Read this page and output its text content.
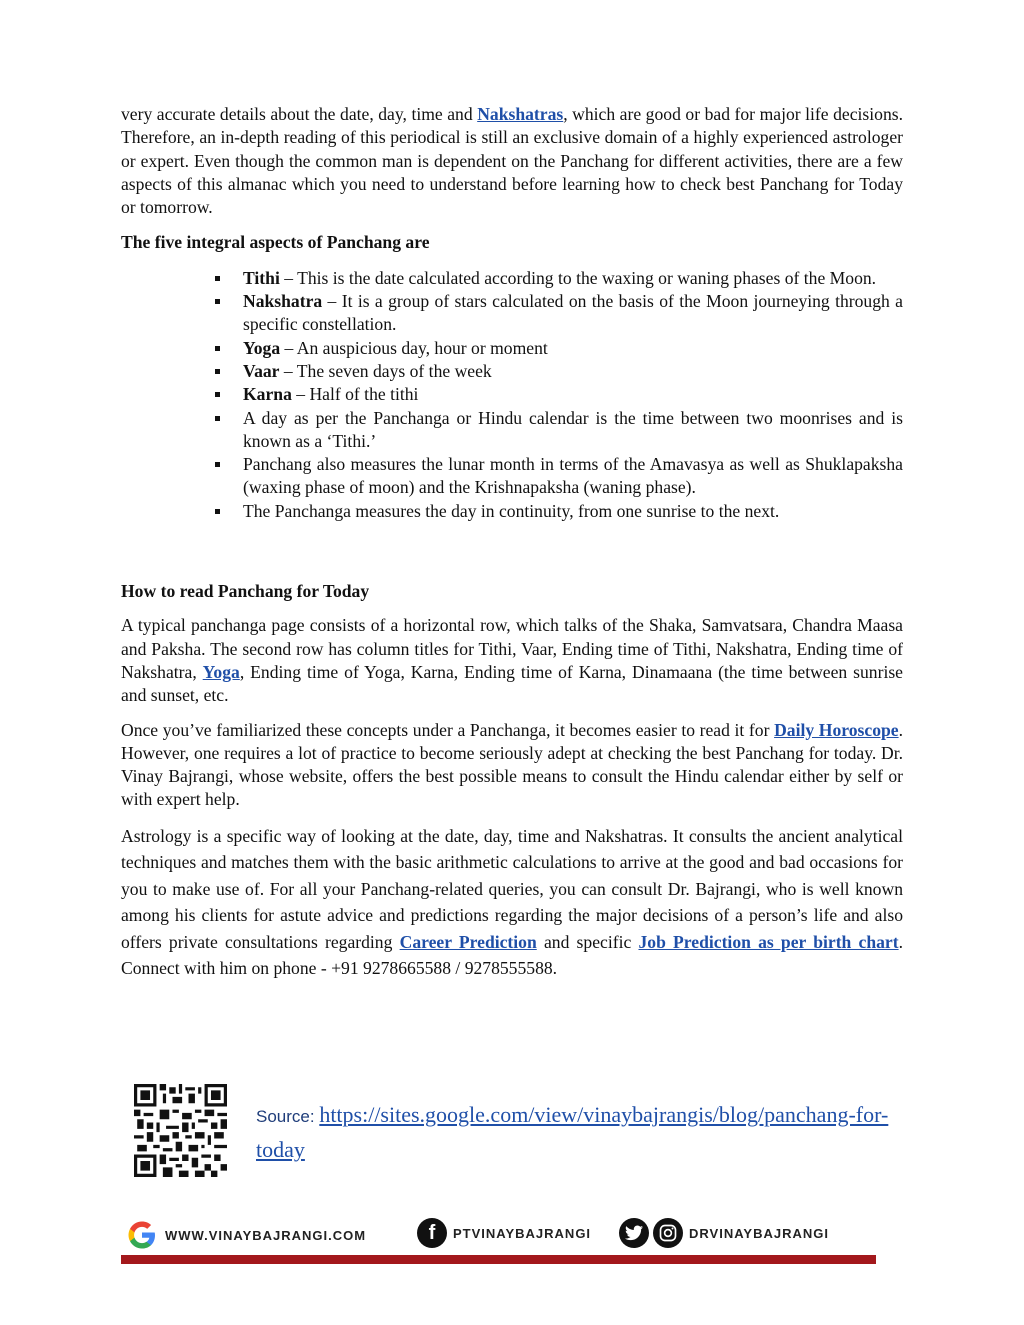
very accurate details about the date, day, time and Nakshatras, which are good or bad for major life decisions. Therefore, an in-depth reading of this periodical is still an exclusive domain of a highly experienced astrologer or expert. Even though the common man is dependent on the Panchang for different activities, there are a few aspects of this almanac which you need to understand before learning how to check best Panchang for Today or tomorrow.

The five integral aspects of Panchang are

Tithi – This is the date calculated according to the waxing or waning phases of the Moon.
Nakshatra – It is a group of stars calculated on the basis of the Moon journeying through a specific constellation.
Yoga – An auspicious day, hour or moment
Vaar – The seven days of the week
Karna – Half of the tithi
A day as per the Panchanga or Hindu calendar is the time between two moonrises and is known as a ‘Tithi.’
Panchang also measures the lunar month in terms of the Amavasya as well as Shuklapaksha (waxing phase of moon) and the Krishnapaksha (waning phase).
The Panchanga measures the day in continuity, from one sunrise to the next.

How to read Panchang for Today

A typical panchanga page consists of a horizontal row, which talks of the Shaka, Samvatsara, Chandra Maasa and Paksha. The second row has column titles for Tithi, Vaar, Ending time of Tithi, Nakshatra, Ending time of Nakshatra, Yoga, Ending time of Yoga, Karna, Ending time of Karna, Dinamaana (the time between sunrise and sunset, etc.

Once you’ve familiarized these concepts under a Panchanga, it becomes easier to read it for Daily Horoscope. However, one requires a lot of practice to become seriously adept at checking the best Panchang for today. Dr. Vinay Bajrangi, whose website, offers the best possible means to consult the Hindu calendar either by self or with expert help.

Astrology is a specific way of looking at the date, day, time and Nakshatras. It consults the ancient analytical techniques and matches them with the basic arithmetic calculations to arrive at the good and bad occasions for you to make use of. For all your Panchang-related queries, you can consult Dr. Bajrangi, who is well known among his clients for astute advice and predictions regarding the major decisions of a person’s life and also offers private consultations regarding Career Prediction and specific Job Prediction as per birth chart. Connect with him on phone - +91 9278665588 / 9278555588.

Source: https://sites.google.com/view/vinaybajrangis/blog/panchang-for-today
WWW.VINAYBAJRANGI.COM	f	PTVINAYBAJRANGI	DRVINAYBAJRANGI
